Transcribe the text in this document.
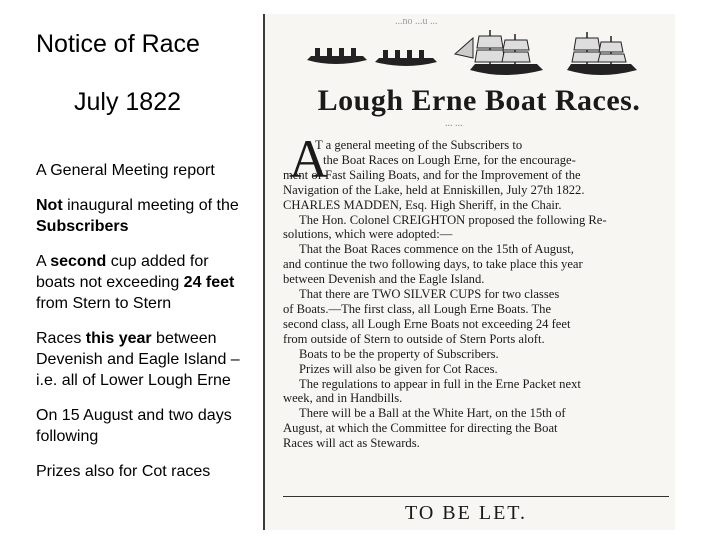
Notice of Race
July 1822

A General Meeting report

Not inaugural meeting of the Subscribers

A second cup added for boats not exceeding 24 feet from Stern to Stern

Races this year between Devenish and Eagle Island – i.e. all of Lower Lough Erne

On 15 August and two days following

Prizes also for Cot races

...no ...u ...
Lough Erne Boat Races.
... ...
A
T a general meeting of the Subscribers to
the Boat Races on Lough Erne, for the encourage-
ment of Fast Sailing Boats, and for the Improvement of the
Navigation of the Lake, held at Enniskillen, July 27th 1822.
CHARLES MADDEN, Esq. High Sheriff, in the Chair.
The Hon. Colonel CREIGHTON proposed the following Re-
solutions, which were adopted:—
That the Boat Races commence on the 15th of August,
and continue the two following days, to take place this year
between Devenish and the Eagle Island.
That there are TWO SILVER CUPS for two classes
of Boats.—The first class, all Lough Erne Boats. The
second class, all Lough Erne Boats not exceeding 24 feet
from outside of Stern to outside of Stern Ports aloft.
Boats to be the property of Subscribers.
Prizes will also be given for Cot Races.
The regulations to appear in full in the Erne Packet next
week, and in Handbills.
There will be a Ball at the White Hart, on the 15th of
August, at which the Committee for directing the Boat
Races will act as Stewards.
TO BE LET.
